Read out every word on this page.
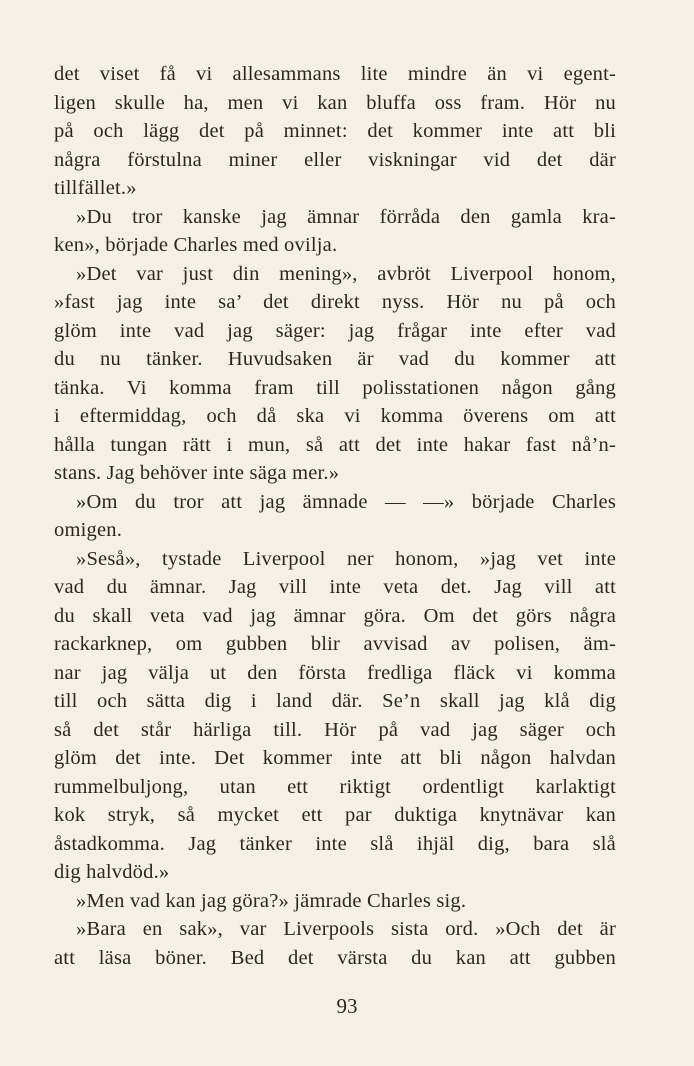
det viset få vi allesammans lite mindre än vi egent-
ligen skulle ha, men vi kan bluffa oss fram. Hör nu
på och lägg det på minnet: det kommer inte att bli
några förstulna miner eller viskningar vid det där
tillfället.»
»Du tror kanske jag ämnar förråda den gamla kra-
ken», började Charles med ovilja.
»Det var just din mening», avbröt Liverpool honom,
»fast jag inte sa’ det direkt nyss. Hör nu på och
glöm inte vad jag säger: jag frågar inte efter vad
du nu tänker. Huvudsaken är vad du kommer att
tänka. Vi komma fram till polisstationen någon gång
i eftermiddag, och då ska vi komma överens om att
hålla tungan rätt i mun, så att det inte hakar fast nå’n-
stans. Jag behöver inte säga mer.»
»Om du tror att jag ämnade — —» började Charles
omigen.
»Seså», tystade Liverpool ner honom, »jag vet inte
vad du ämnar. Jag vill inte veta det. Jag vill att
du skall veta vad jag ämnar göra. Om det görs några
rackarknep, om gubben blir avvisad av polisen, äm-
nar jag välja ut den första fredliga fläck vi komma
till och sätta dig i land där. Se’n skall jag klå dig
så det står härliga till. Hör på vad jag säger och
glöm det inte. Det kommer inte att bli någon halvdan
rummelbuljong, utan ett riktigt ordentligt karlaktigt
kok stryk, så mycket ett par duktiga knytnävar kan
åstadkomma. Jag tänker inte slå ihjäl dig, bara slå
dig halvdöd.»
»Men vad kan jag göra?» jämrade Charles sig.
»Bara en sak», var Liverpools sista ord. »Och det är
att läsa böner. Bed det värsta du kan att gubben
93
